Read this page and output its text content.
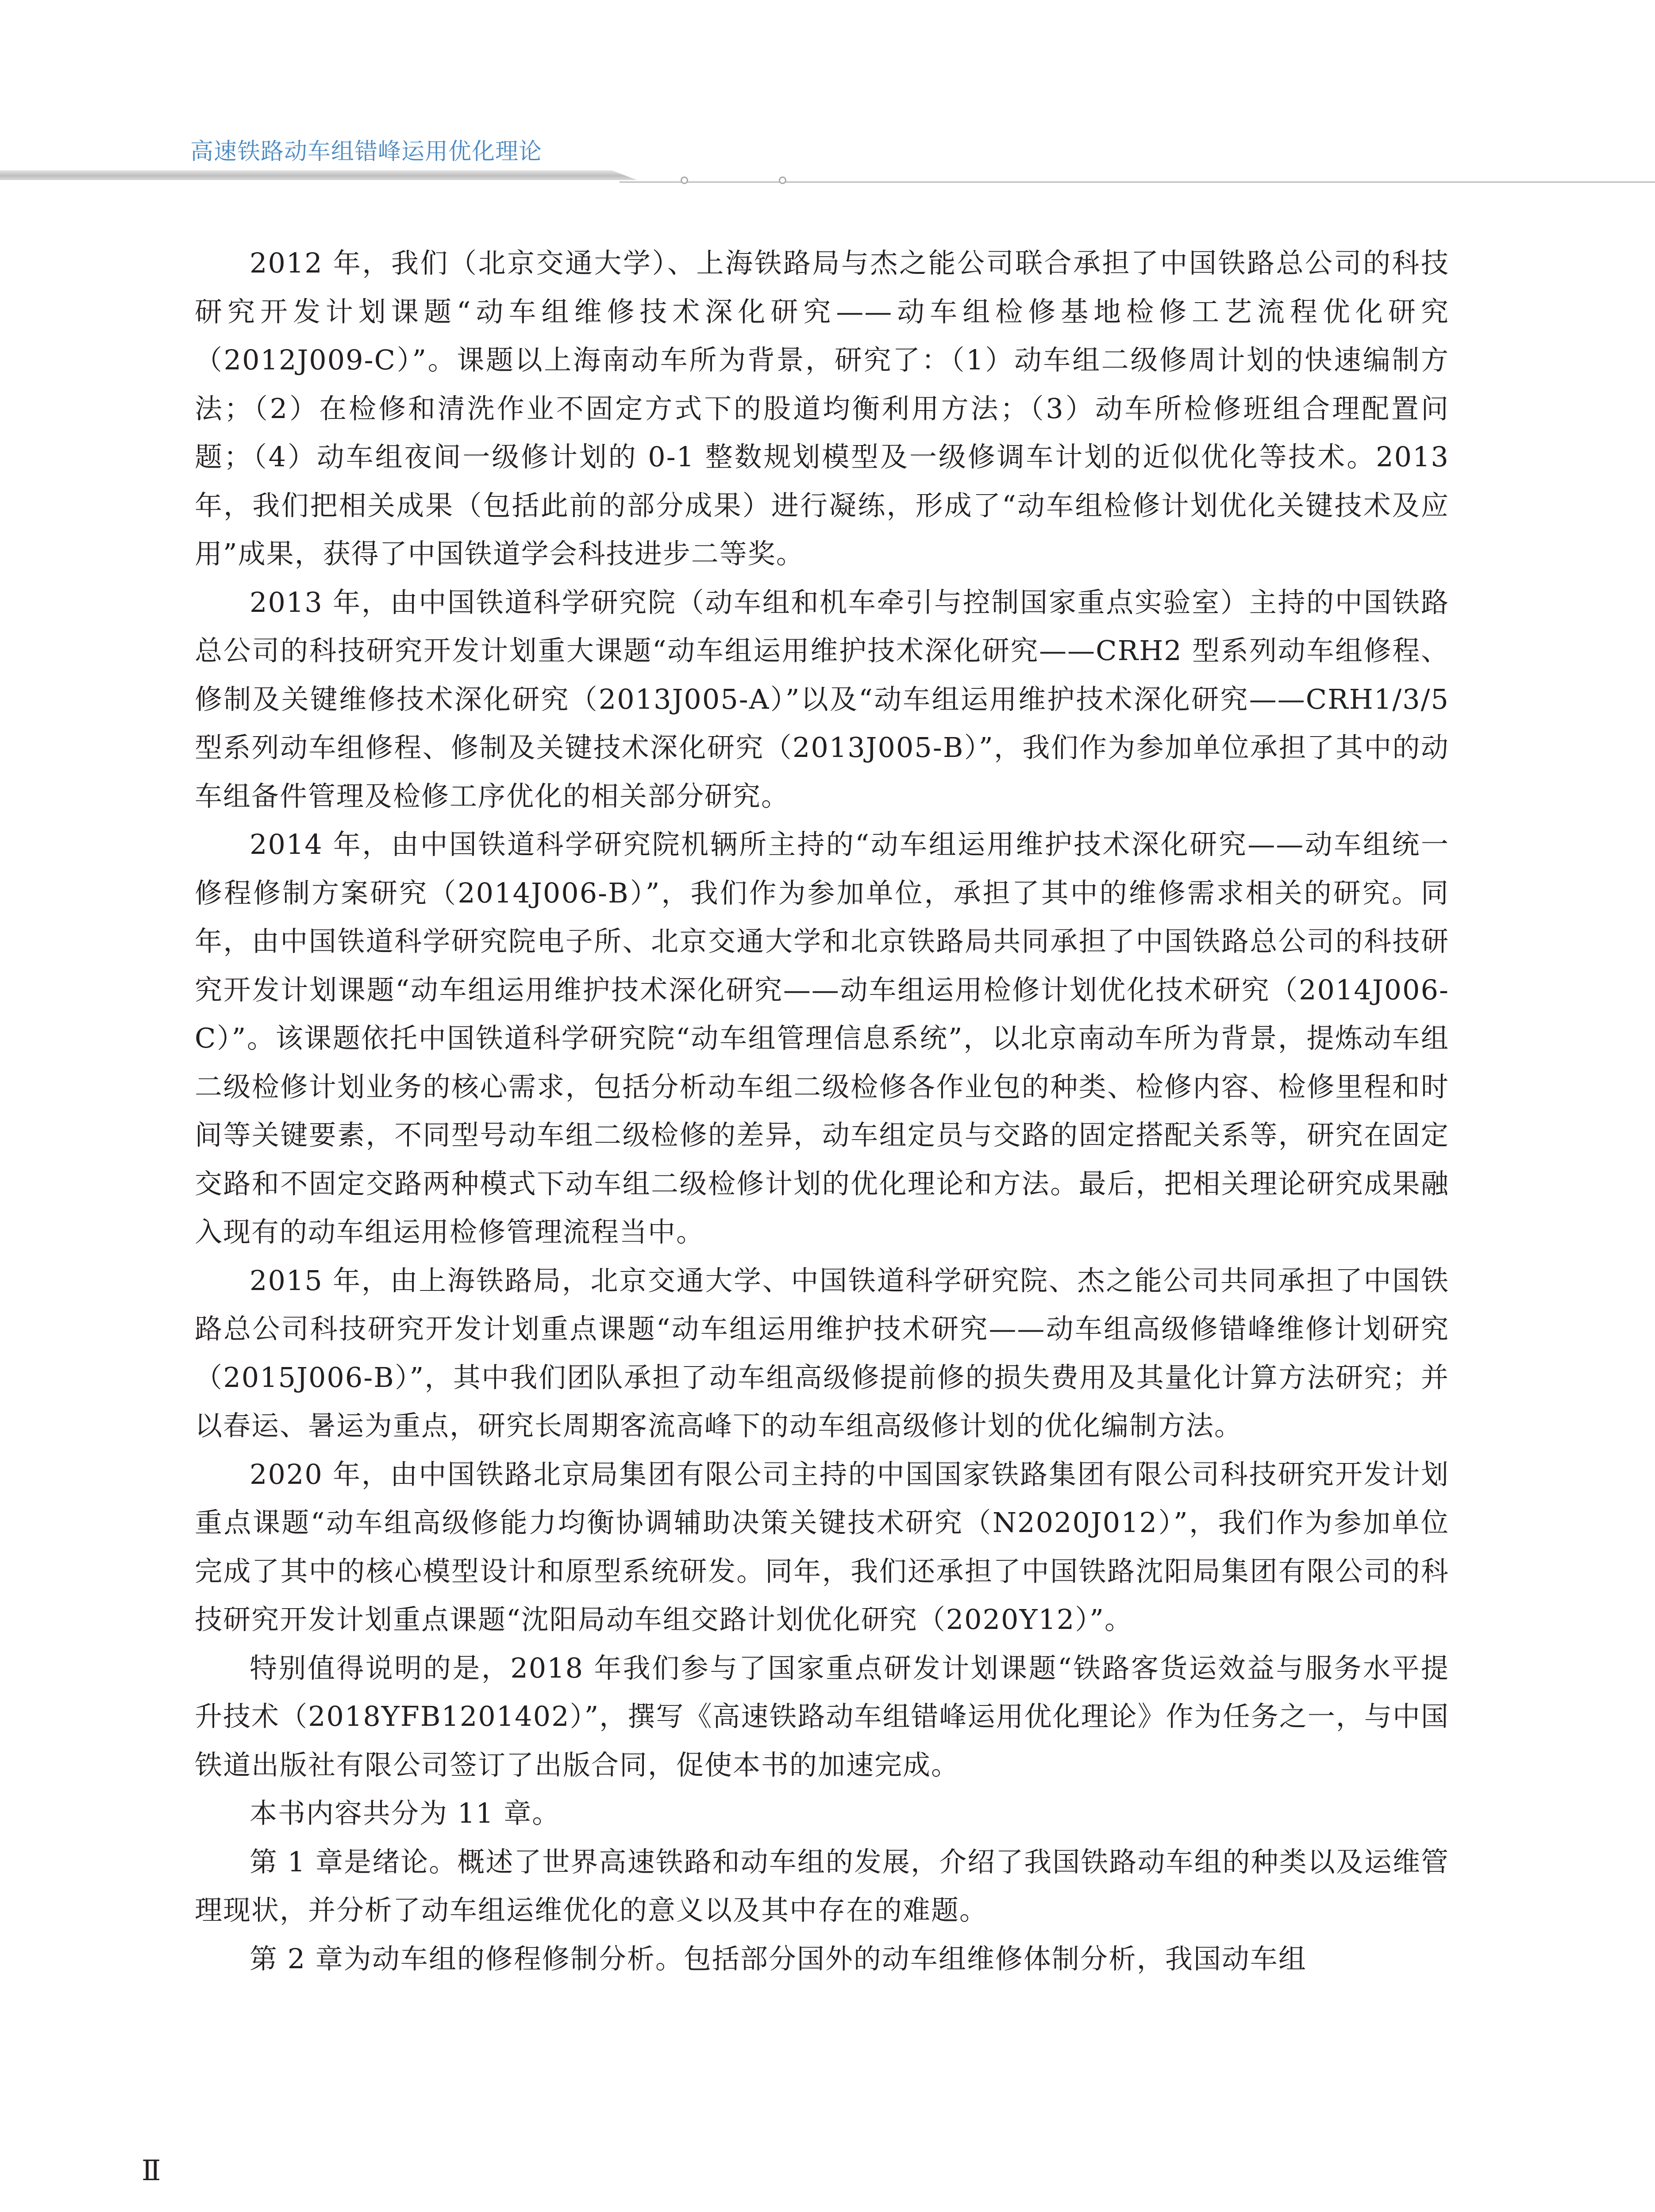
高速铁路动车组错峰运用优化理论

2012 年，我们（北京交通大学）、上海铁路局与杰之能公司联合承担了中国铁路总公司的科技研究开发计划课题“动车组维修技术深化研究——动车组检修基地检修工艺流程优化研究（2012J009-C）”。课题以上海南动车所为背景，研究了：（1）动车组二级修周计划的快速编制方法；（2）在检修和清洗作业不固定方式下的股道均衡利用方法；（3）动车所检修班组合理配置问题；（4）动车组夜间一级修计划的 0-1 整数规划模型及一级修调车计划的近似优化等技术。2013 年，我们把相关成果（包括此前的部分成果）进行凝练，形成了“动车组检修计划优化关键技术及应用”成果，获得了中国铁道学会科技进步二等奖。

2013 年，由中国铁道科学研究院（动车组和机车牵引与控制国家重点实验室）主持的中国铁路总公司的科技研究开发计划重大课题“动车组运用维护技术深化研究——CRH2 型系列动车组修程、修制及关键维修技术深化研究（2013J005-A）”以及“动车组运用维护技术深化研究——CRH1/3/5 型系列动车组修程、修制及关键技术深化研究（2013J005-B）”，我们作为参加单位承担了其中的动车组备件管理及检修工序优化的相关部分研究。

2014 年，由中国铁道科学研究院机辆所主持的“动车组运用维护技术深化研究——动车组统一修程修制方案研究（2014J006-B）”，我们作为参加单位，承担了其中的维修需求相关的研究。同年，由中国铁道科学研究院电子所、北京交通大学和北京铁路局共同承担了中国铁路总公司的科技研究开发计划课题“动车组运用维护技术深化研究——动车组运用检修计划优化技术研究（2014J006-C）”。该课题依托中国铁道科学研究院“动车组管理信息系统”，以北京南动车所为背景，提炼动车组二级检修计划业务的核心需求，包括分析动车组二级检修各作业包的种类、检修内容、检修里程和时间等关键要素，不同型号动车组二级检修的差异，动车组定员与交路的固定搭配关系等，研究在固定交路和不固定交路两种模式下动车组二级检修计划的优化理论和方法。最后，把相关理论研究成果融入现有的动车组运用检修管理流程当中。

2015 年，由上海铁路局，北京交通大学、中国铁道科学研究院、杰之能公司共同承担了中国铁路总公司科技研究开发计划重点课题“动车组运用维护技术研究——动车组高级修错峰维修计划研究（2015J006-B）”，其中我们团队承担了动车组高级修提前修的损失费用及其量化计算方法研究；并以春运、暑运为重点，研究长周期客流高峰下的动车组高级修计划的优化编制方法。

2020 年，由中国铁路北京局集团有限公司主持的中国国家铁路集团有限公司科技研究开发计划重点课题“动车组高级修能力均衡协调辅助决策关键技术研究（N2020J012）”，我们作为参加单位完成了其中的核心模型设计和原型系统研发。同年，我们还承担了中国铁路沈阳局集团有限公司的科技研究开发计划重点课题“沈阳局动车组交路计划优化研究（2020Y12）”。

特别值得说明的是，2018 年我们参与了国家重点研发计划课题“铁路客货运效益与服务水平提升技术（2018YFB1201402）”，撰写《高速铁路动车组错峰运用优化理论》作为任务之一，与中国铁道出版社有限公司签订了出版合同，促使本书的加速完成。

本书内容共分为 11 章。

第 1 章是绪论。概述了世界高速铁路和动车组的发展，介绍了我国铁路动车组的种类以及运维管理现状，并分析了动车组运维优化的意义以及其中存在的难题。

第 2 章为动车组的修程修制分析。包括部分国外的动车组维修体制分析，我国动车组

Ⅱ
